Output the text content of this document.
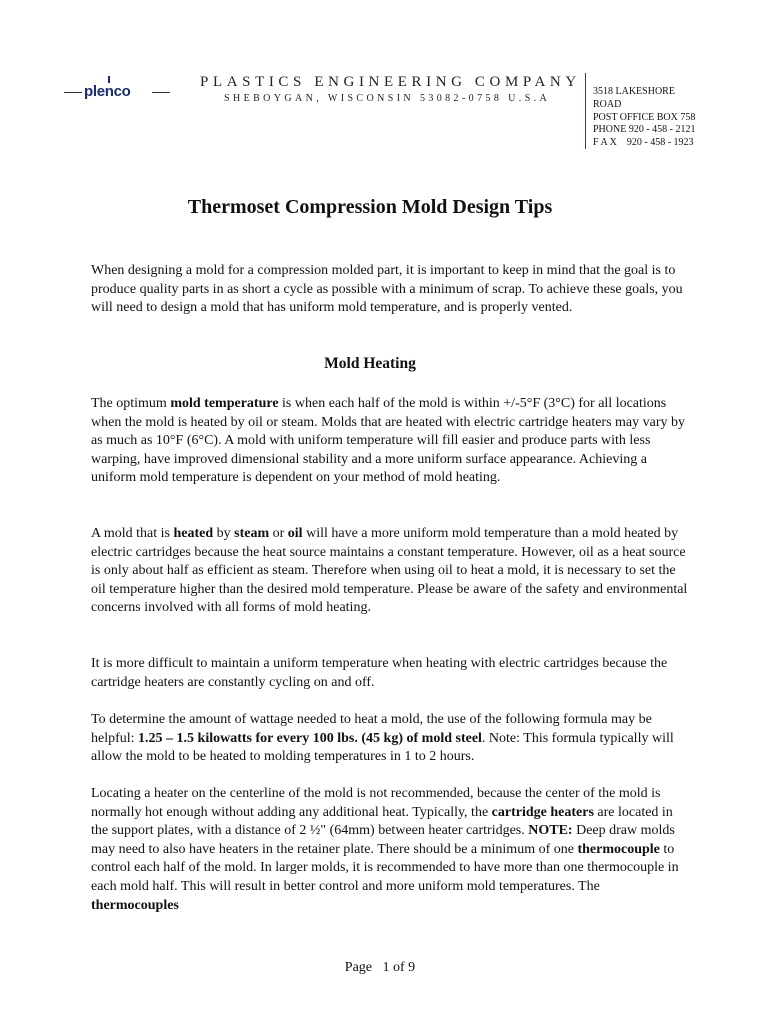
plenco
PLASTICS ENGINEERING COMPANY
SHEBOYGAN, WISCONSIN 53082-0758 U.S.A
3518 LAKESHORE
ROAD
POST OFFICE BOX 758
PHONE 920 - 458 - 2121
F A X    920 - 458 - 1923
Thermoset Compression Mold Design Tips

When designing a mold for a compression molded part, it is important to keep in mind that the goal is to produce quality parts in as short a cycle as possible with a minimum of scrap. To achieve these goals, you will need to design a mold that has uniform mold temperature, and is properly vented.

Mold Heating

The optimum mold temperature is when each half of the mold is within +/-5°F (3°C) for all locations when the mold is heated by oil or steam. Molds that are heated with electric cartridge heaters may vary by as much as 10°F (6°C). A mold with uniform temperature will fill easier and produce parts with less warping, have improved dimensional stability and a more uniform surface appearance. Achieving a uniform mold temperature is dependent on your method of mold heating.

A mold that is heated by steam or oil will have a more uniform mold temperature than a mold heated by electric cartridges because the heat source maintains a constant temperature. However, oil as a heat source is only about half as efficient as steam. Therefore when using oil to heat a mold, it is necessary to set the oil temperature higher than the desired mold temperature. Please be aware of the safety and environmental concerns involved with all forms of mold heating.

It is more difficult to maintain a uniform temperature when heating with electric cartridges because the cartridge heaters are constantly cycling on and off.

To determine the amount of wattage needed to heat a mold, the use of the following formula may be helpful: 1.25 – 1.5 kilowatts for every 100 lbs. (45 kg) of mold steel. Note: This formula typically will allow the mold to be heated to molding temperatures in 1 to 2 hours.

Locating a heater on the centerline of the mold is not recommended, because the center of the mold is normally hot enough without adding any additional heat. Typically, the cartridge heaters are located in the support plates, with a distance of 2 ½" (64mm) between heater cartridges. NOTE: Deep draw molds may need to also have heaters in the retainer plate. There should be a minimum of one thermocouple to control each half of the mold. In larger molds, it is recommended to have more than one thermocouple in each mold half. This will result in better control and more uniform mold temperatures. The thermocouples

Page   1 of 9
